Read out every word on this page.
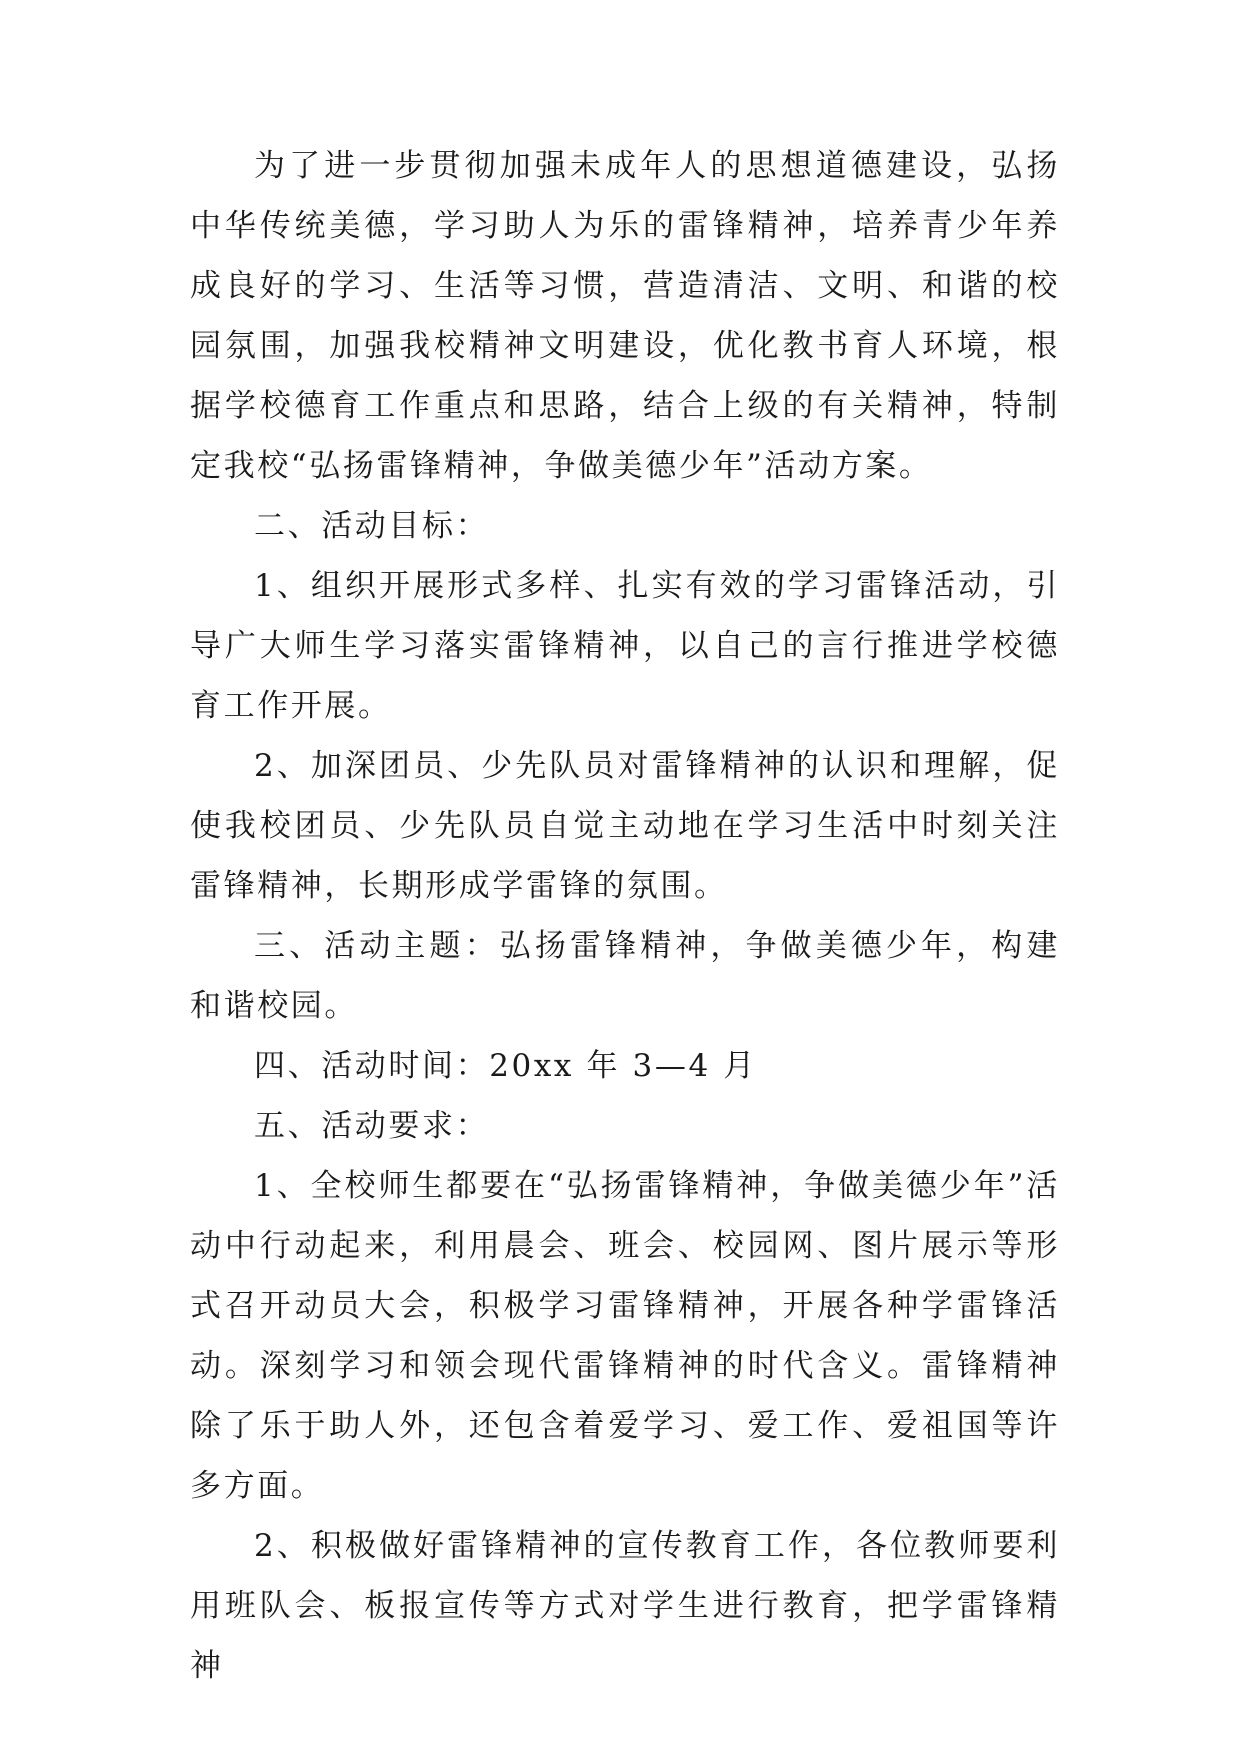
为了进一步贯彻加强未成年人的思想道德建设，弘扬中华传统美德，学习助人为乐的雷锋精神，培养青少年养成良好的学习、生活等习惯，营造清洁、文明、和谐的校园氛围，加强我校精神文明建设，优化教书育人环境，根据学校德育工作重点和思路，结合上级的有关精神，特制定我校“弘扬雷锋精神，争做美德少年”活动方案。

二、活动目标：

1、组织开展形式多样、扎实有效的学习雷锋活动，引导广大师生学习落实雷锋精神，以自己的言行推进学校德育工作开展。

2、加深团员、少先队员对雷锋精神的认识和理解，促使我校团员、少先队员自觉主动地在学习生活中时刻关注雷锋精神，长期形成学雷锋的氛围。

三、活动主题：弘扬雷锋精神，争做美德少年，构建和谐校园。

四、活动时间：20xx 年 3—4 月

五、活动要求：

1、全校师生都要在“弘扬雷锋精神，争做美德少年”活动中行动起来，利用晨会、班会、校园网、图片展示等形式召开动员大会，积极学习雷锋精神，开展各种学雷锋活动。深刻学习和领会现代雷锋精神的时代含义。雷锋精神除了乐于助人外，还包含着爱学习、爱工作、爱祖国等许多方面。

2、积极做好雷锋精神的宣传教育工作，各位教师要利用班队会、板报宣传等方式对学生进行教育，把学雷锋精神
